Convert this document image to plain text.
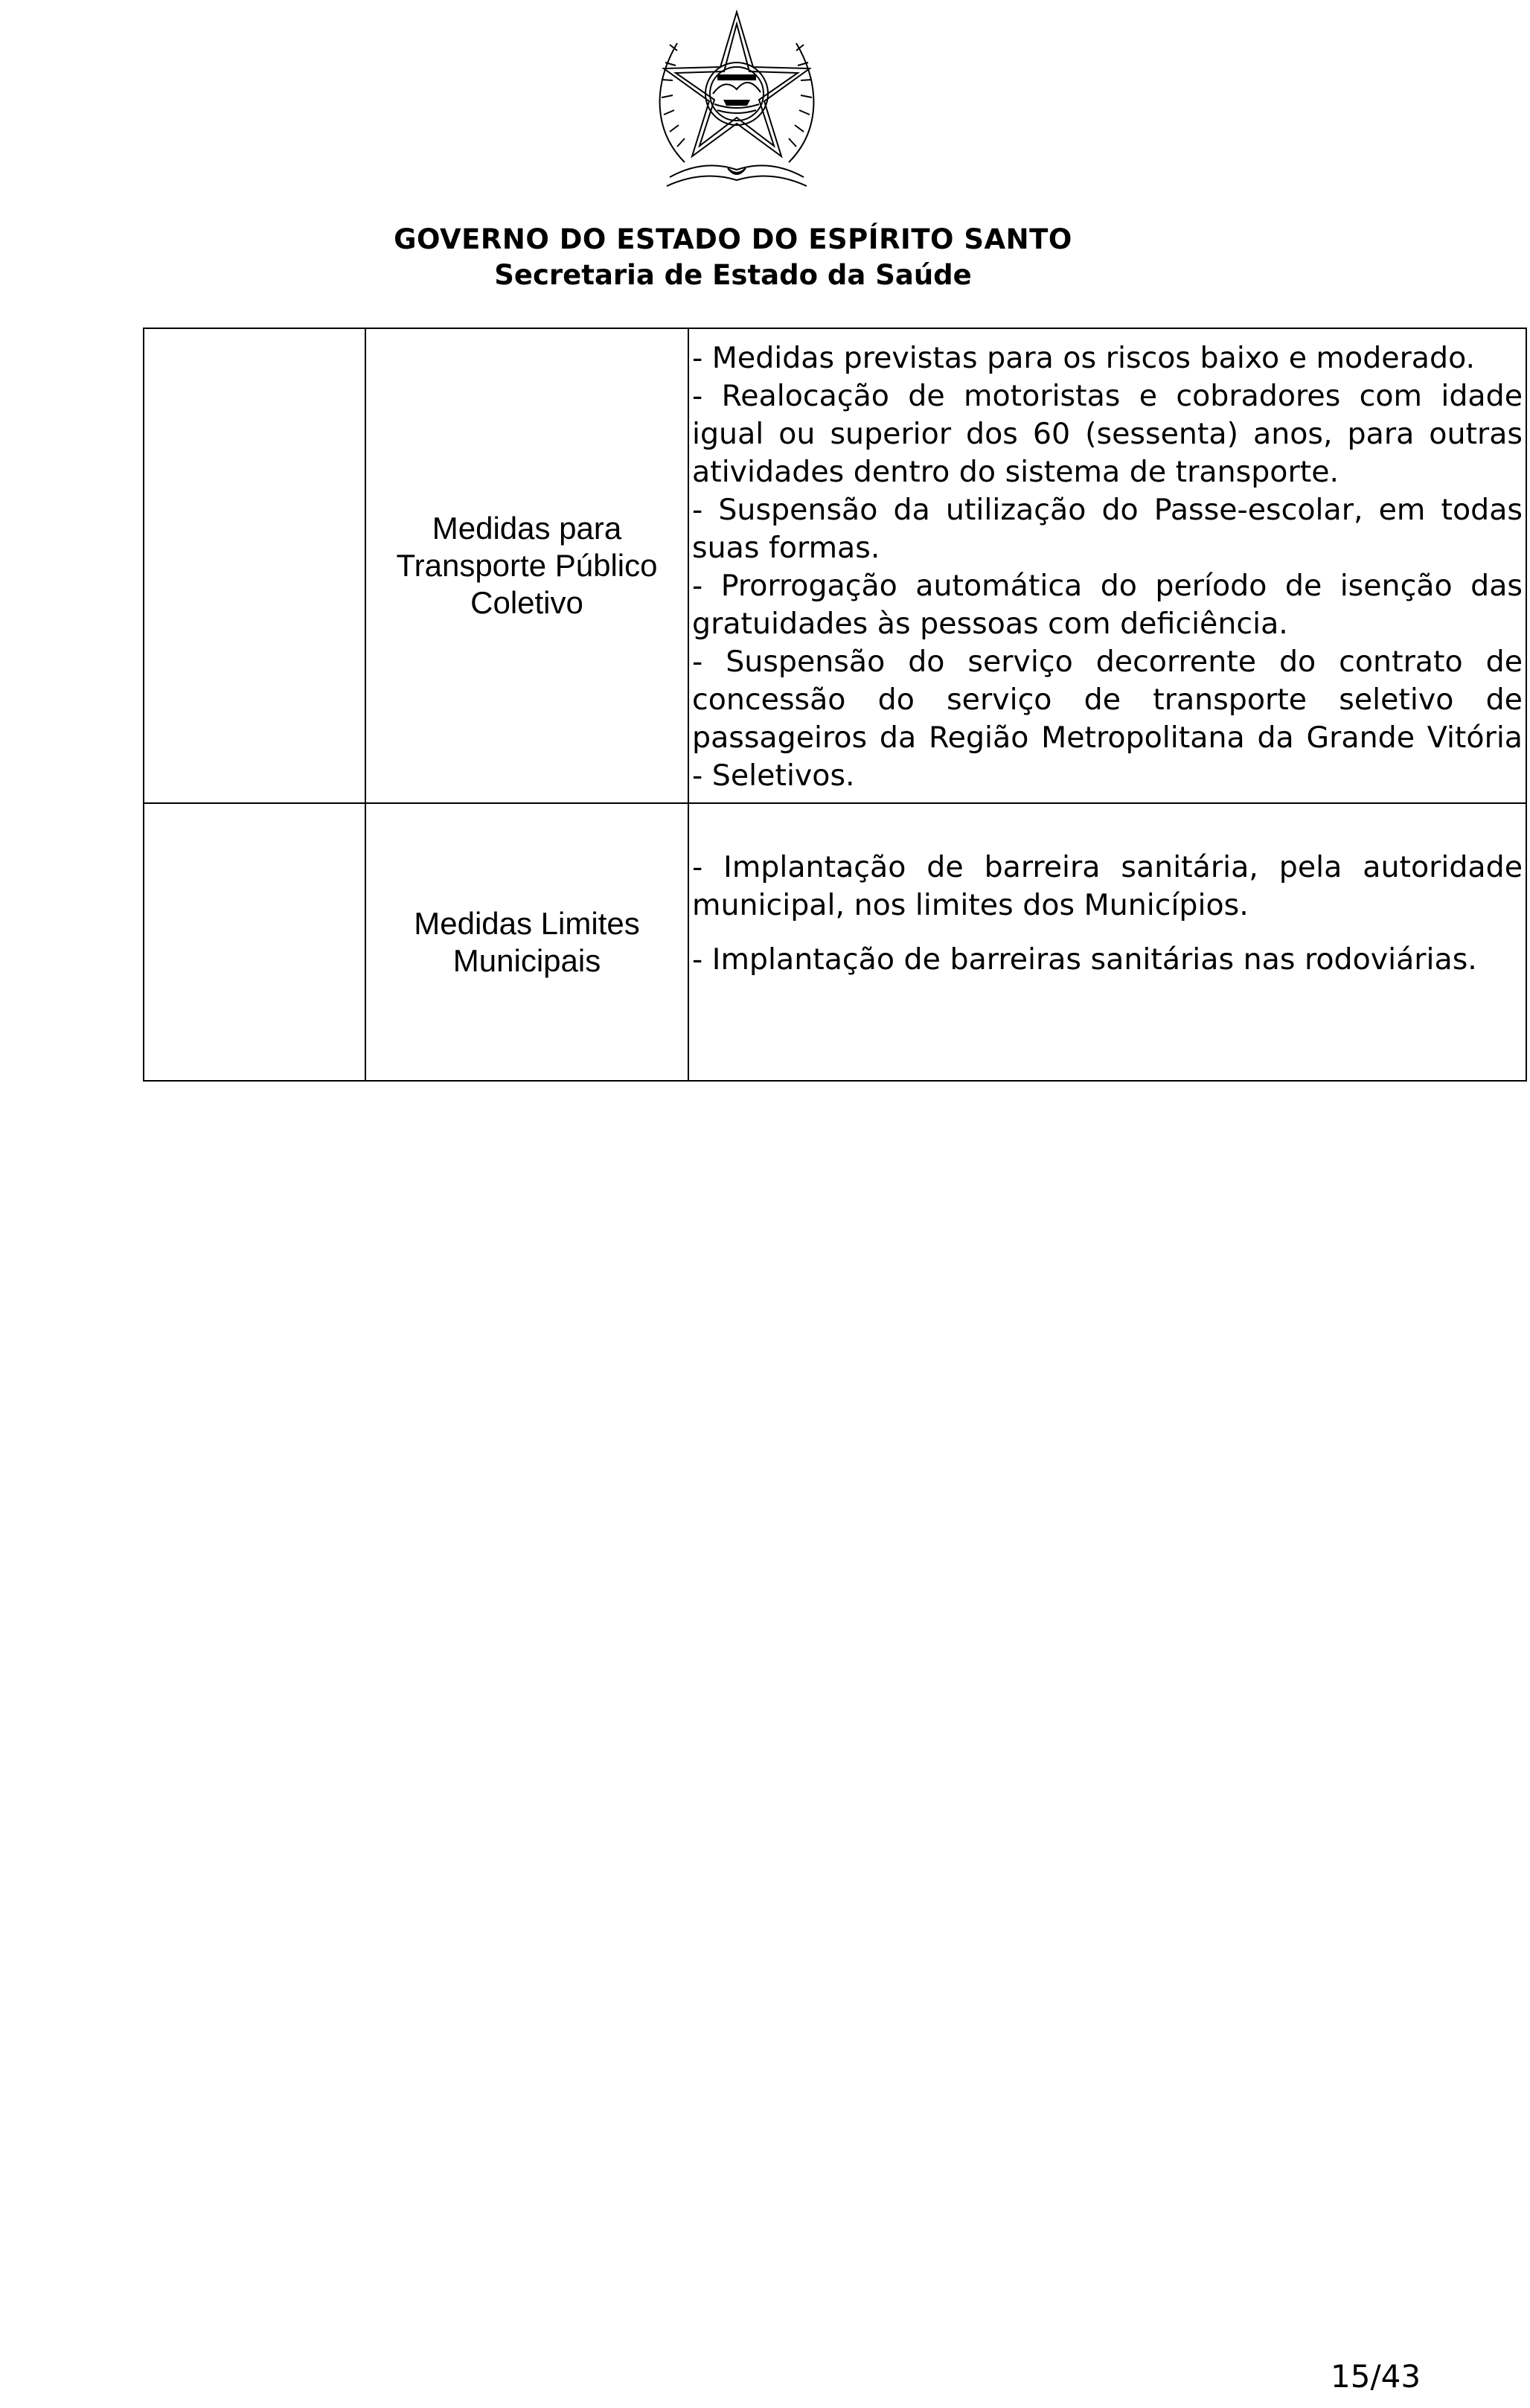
GOVERNO DO ESTADO DO ESPÍRITO SANTO
Secretaria de Estado da Saúde
	Medidas para Transporte Público Coletivo	- Medidas previstas para os riscos baixo e moderado.

- Realocação de motoristas e cobradores com idade igual ou superior dos 60 (sessenta) anos, para outras atividades dentro do sistema de transporte.

- Suspensão da utilização do Passe-escolar, em todas suas formas.

- Prorrogação automática do período de isenção das gratuidades às pessoas com deficiência.

- Suspensão do serviço decorrente do contrato de concessão do serviço de transporte seletivo de passageiros da Região Metropolitana da Grande Vitória - Seletivos.

	Medidas Limites Municipais	- Implantação de barreira sanitária, pela autoridade municipal, nos limites dos Municípios.

- Implantação de barreiras sanitárias nas rodoviárias.

15/43
